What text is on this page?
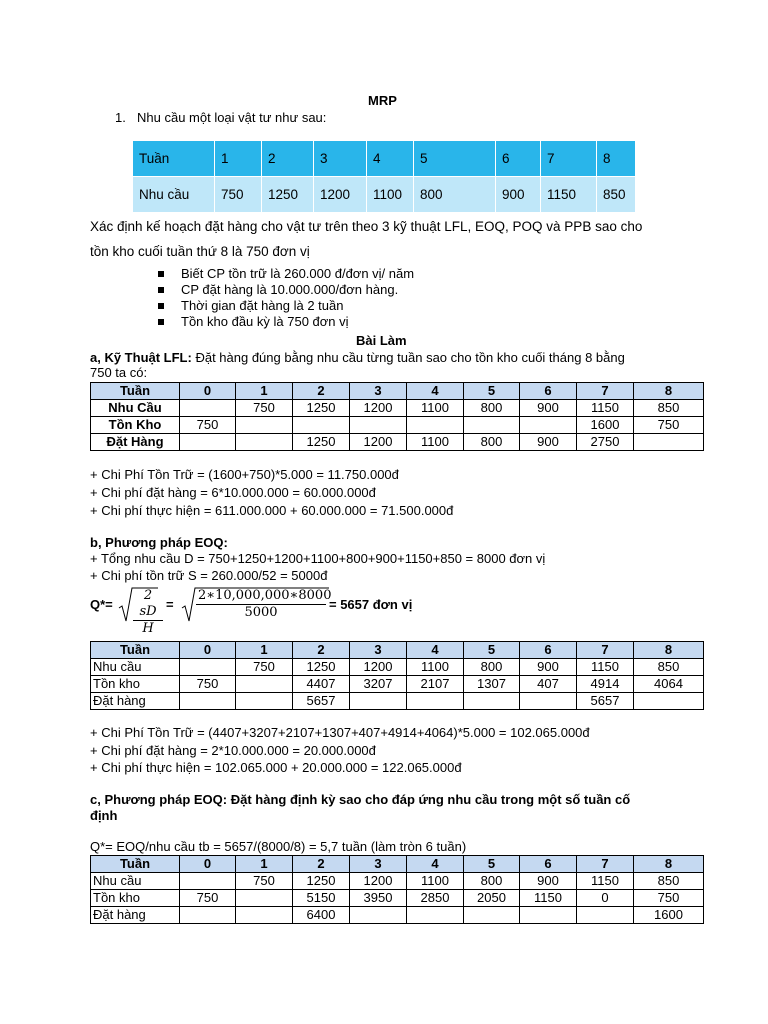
MRP
1. Nhu cầu một loại vật tư như sau:
Tuần	1	2	3	4	5	6	7	8
Nhu cầu	750	1250	1200	1100	800	900	1150	850
Xác định kế hoạch đặt hàng cho vật tư trên theo 3 kỹ thuật LFL, EOQ, POQ và PPB sao cho
tồn kho cuối tuần thứ 8 là 750 đơn vị
Biết CP tồn trữ là 260.000 đ/đơn vị/ năm
CP đặt hàng là 10.000.000/đơn hàng.
Thời gian đặt hàng là 2 tuần
Tồn kho đầu kỳ là 750 đơn vị
Bài Làm
a, Kỹ Thuật LFL: Đặt hàng đúng bằng nhu cầu từng tuần sao cho tồn kho cuối tháng 8 bằng
750 ta có:
Tuần	0	1	2	3	4	5	6	7	8
Nhu Cầu		750	1250	1200	1100	800	900	1150	850
Tồn Kho	750							1600	750
Đặt Hàng			1250	1200	1100	800	900	2750	
+ Chi Phí Tồn Trữ = (1600+750)*5.000 = 11.750.000đ
+ Chi phí đặt hàng = 6*10.000.000 = 60.000.000đ
+ Chi phí thực hiện = 611.000.000 + 60.000.000 = 71.500.000đ
b, Phương pháp EOQ:
+ Tổng nhu cầu D = 750+1250+1200+1100+800+900+1150+850 = 8000 đơn vị
+ Chi phí tồn trữ S = 260.000/52 = 5000đ
$Q*= \frac{2 sD}{H} = \frac{2∗10,000,000∗8000}{5000} = 5657$ đơn vị
Tuần	0	1	2	3	4	5	6	7	8
Nhu cầu		750	1250	1200	1100	800	900	1150	850
Tồn kho	750		4407	3207	2107	1307	407	4914	4064
Đặt hàng			5657					5657	
+ Chi Phí Tồn Trữ = (4407+3207+2107+1307+407+4914+4064)*5.000 = 102.065.000đ
+ Chi phí đặt hàng = 2*10.000.000 = 20.000.000đ
+ Chi phí thực hiện = 102.065.000 + 20.000.000 = 122.065.000đ
c, Phương pháp EOQ: Đặt hàng định kỳ sao cho đáp ứng nhu cầu trong một số tuần cố
định
Q*= EOQ/nhu cầu tb = 5657/(8000/8) = 5,7 tuần (làm tròn 6 tuần)
Tuần	0	1	2	3	4	5	6	7	8
Nhu cầu		750	1250	1200	1100	800	900	1150	850
Tồn kho	750		5150	3950	2850	2050	1150	0	750
Đặt hàng			6400						1600
